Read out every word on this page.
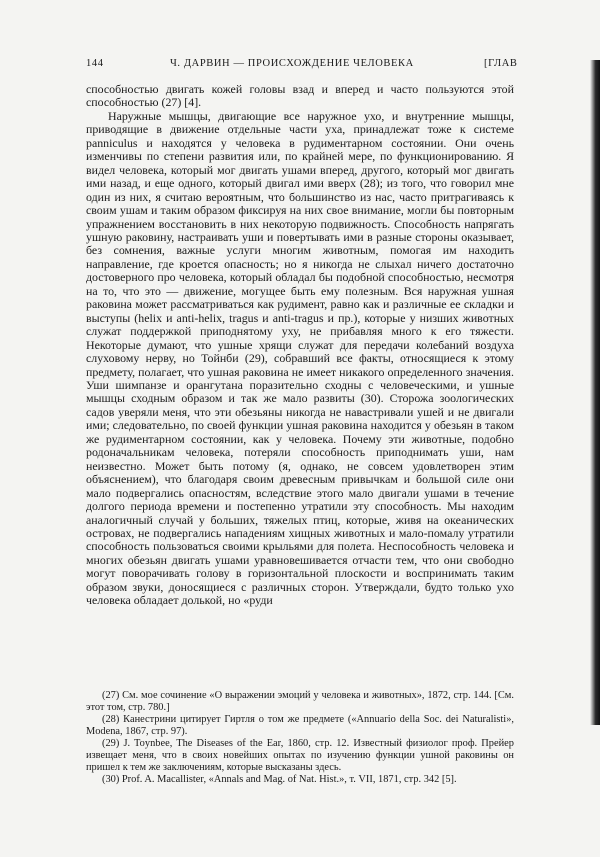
144	Ч. ДАРВИН — ПРОИСХОЖДЕНИЕ ЧЕЛОВЕКА	[ГЛАВ

способностью двигать кожей головы взад и вперед и часто пользуются этой способностью (27) [4].

Наружные мышцы, двигающие все наружное ухо, и внутренние мышцы, приводящие в движение отдельные части уха, принадлежат тоже к системе panniculus и находятся у человека в рудиментарном состоянии. Они очень изменчивы по степени развития или, по крайней мере, по функционированию. Я видел человека, который мог двигать ушами вперед, другого, который мог двигать ими назад, и еще одного, который двигал ими вверх (28); из того, что говорил мне один из них, я считаю вероятным, что большинство из нас, часто притрагиваясь к своим ушам и таким образом фиксируя на них свое внимание, могли бы повторным упражнением восстановить в них некоторую подвижность. Способность напрягать ушную раковину, настраивать уши и повертывать ими в разные стороны оказывает, без сомнения, важные услуги многим животным, помогая им находить направление, где кроется опасность; но я никогда не слыхал ничего достаточно достоверного про человека, который обладал бы подобной способностью, несмотря на то, что это — движение, могущее быть ему полезным. Вся наружная ушная раковина может рассматриваться как рудимент, равно как и различные ее складки и выступы (helix и anti-helix, tragus и anti-tragus и пр.), которые у низших животных служат поддержкой приподнятому уху, не прибавляя много к его тяжести. Некоторые думают, что ушные хрящи служат для передачи колебаний воздуха слуховому нерву, но Тойнби (29), собравший все факты, относящиеся к этому предмету, полагает, что ушная раковина не имеет никакого определенного значения. Уши шимпанзе и орангутана поразительно сходны с человеческими, и ушные мышцы сходным образом и так же мало развиты (30). Сторожа зоологических садов уверяли меня, что эти обезьяны никогда не навастривали ушей и не двигали ими; следовательно, по своей функции ушная раковина находится у обезьян в таком же рудиментарном состоянии, как у человека. Почему эти животные, подобно родоначальникам человека, потеряли способность приподнимать уши, нам неизвестно. Может быть потому (я, однако, не совсем удовлетворен этим объяснением), что благодаря своим древесным привычкам и большой силе они мало подвергались опасностям, вследствие этого мало двигали ушами в течение долгого периода времени и постепенно утратили эту способность. Мы находим аналогичный случай у больших, тяжелых птиц, которые, живя на океанических островах, не подвергались нападениям хищных животных и мало-помалу утратили способность пользоваться своими крыльями для полета. Неспособность человека и многих обезьян двигать ушами уравновешивается отчасти тем, что они свободно могут поворачивать голову в горизонтальной плоскости и воспринимать таким образом звуки, доносящиеся с различных сторон. Утверждали, будто только ухо человека обладает долькой, но «руди

(27) См. мое сочинение «О выражении эмоций у человека и животных», 1872, стр. 144. [См. этот том, стр. 780.]

(28) Канестрини цитирует Гиртля о том же предмете («Annuario della Soc. dei Naturalisti», Modena, 1867, стр. 97).

(29) J. Toynbee, The Diseases of the Ear, 1860, стр. 12. Известный физиолог проф. Прейер извещает меня, что в своих новейших опытах по изучению функции ушной раковины он пришел к тем же заключениям, которые высказаны здесь.

(30) Prof. A. Macallister, «Annals and Mag. of Nat. Hist.», т. VII, 1871, стр. 342 [5].
